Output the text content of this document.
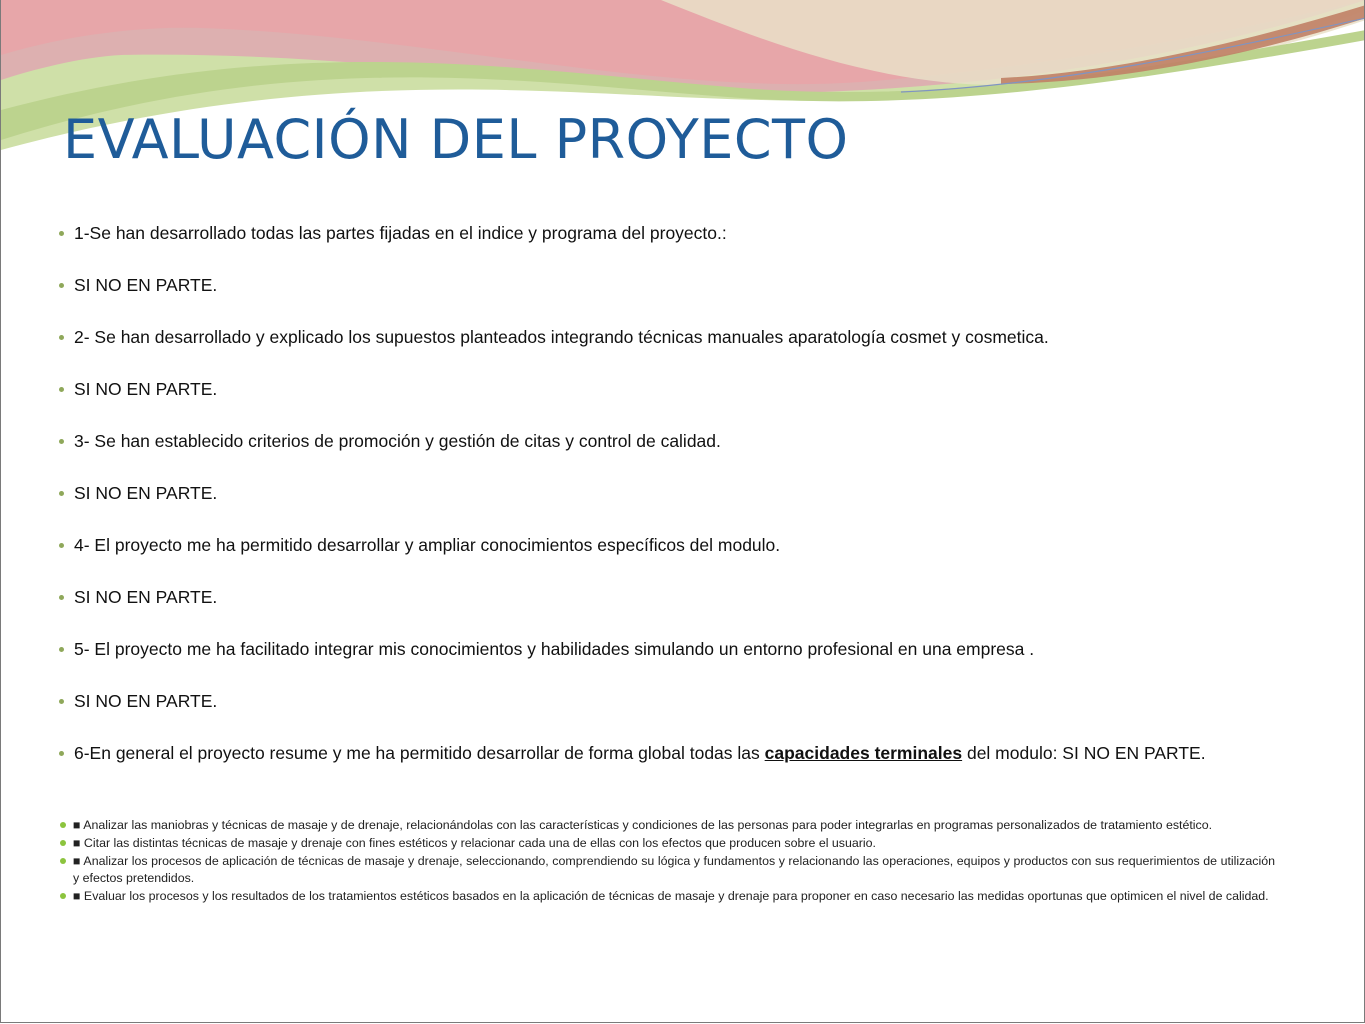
EVALUACIÓN DEL PROYECTO
1-Se han desarrollado todas las partes fijadas en el indice y programa del proyecto.:
SI NO EN PARTE.
2- Se han desarrollado y explicado los supuestos planteados integrando técnicas manuales aparatología cosmet y cosmetica.
SI NO EN PARTE.
3- Se han establecido criterios de promoción y gestión de citas y control de calidad.
SI NO EN PARTE.
4- El proyecto me ha permitido desarrollar y ampliar conocimientos específicos del modulo.
SI NO EN PARTE.
5- El proyecto me ha facilitado integrar mis conocimientos y habilidades simulando un entorno profesional en una empresa .
SI NO EN PARTE.
6-En general el proyecto resume y me ha permitido desarrollar de forma global todas las capacidades terminales del modulo: SI NO EN PARTE.
■ Analizar las maniobras y técnicas de masaje y de drenaje, relacionándolas con las características y condiciones de las personas para poder integrarlas en programas personalizados de tratamiento estético.
■ Citar las distintas técnicas de masaje y drenaje con fines estéticos y relacionar cada una de ellas con los efectos que producen sobre el usuario.
■ Analizar los procesos de aplicación de técnicas de masaje y drenaje, seleccionando, comprendiendo su lógica y fundamentos y relacionando las operaciones, equipos y productos con sus requerimientos de utilización y efectos pretendidos.
■ Evaluar los procesos y los resultados de los tratamientos estéticos basados en la aplicación de técnicas de masaje y drenaje para proponer en caso necesario las medidas oportunas que optimicen el nivel de calidad.
